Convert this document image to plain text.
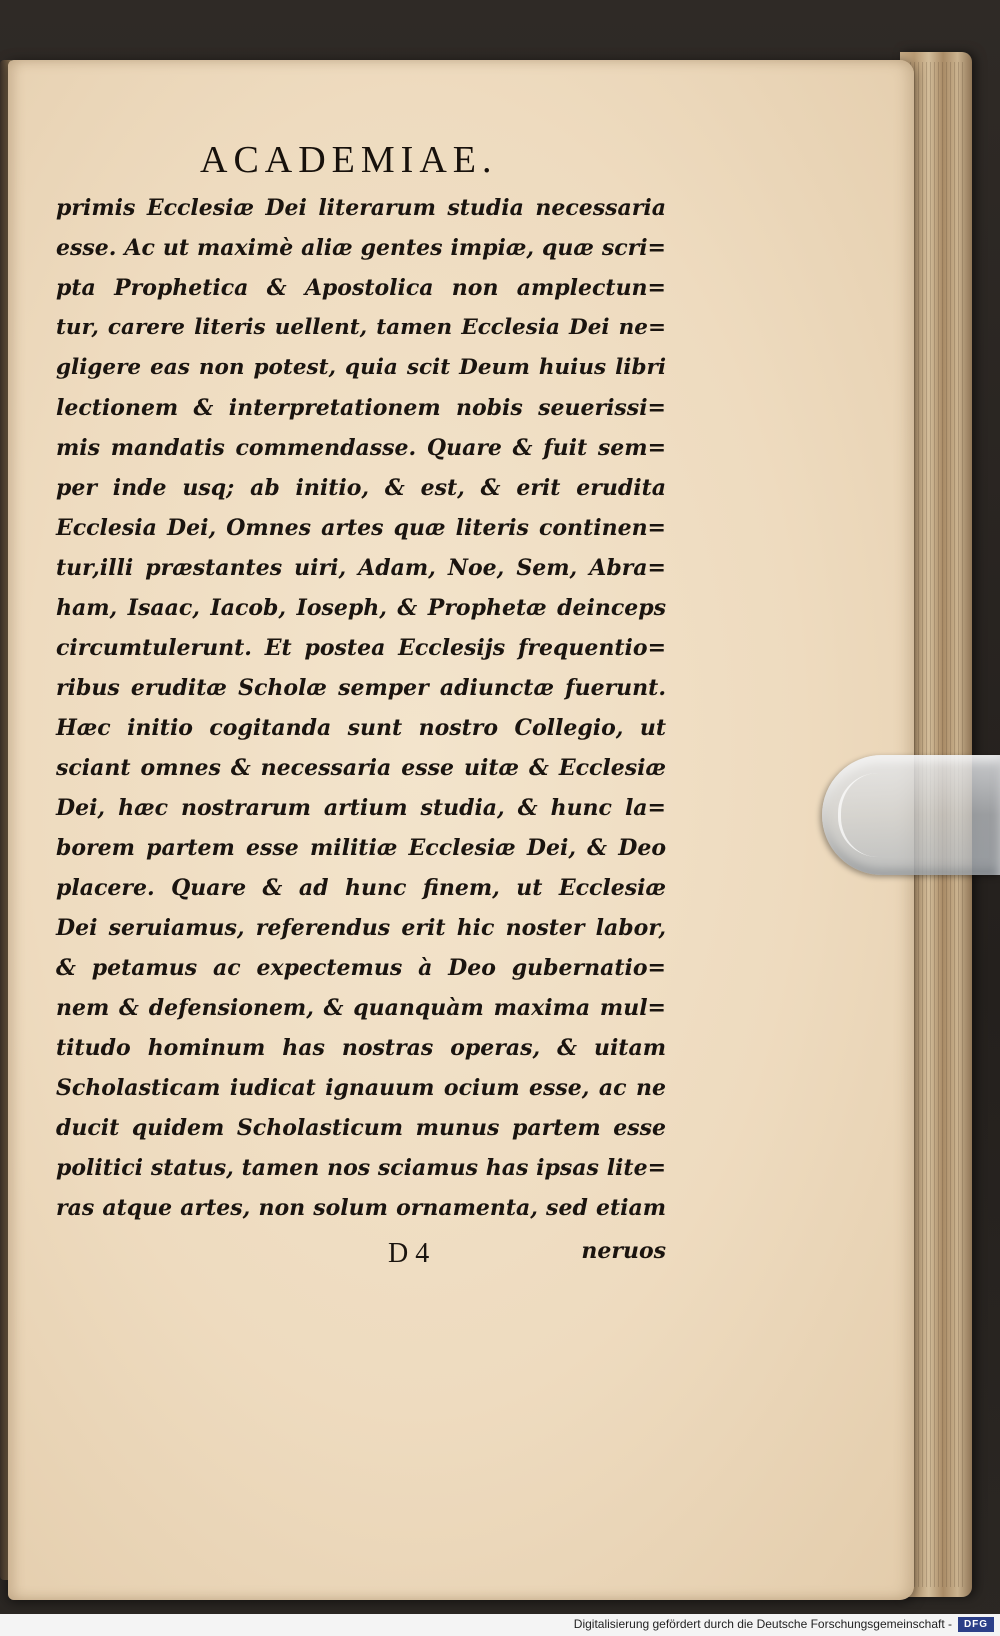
ACADEMIAE.
primis Ecclesiæ Dei literarum studia necessaria
esse. Ac ut maximè aliæ gentes impiæ, quæ scri=
pta Prophetica & Apostolica non amplectun=
tur, carere literis uellent, tamen Ecclesia Dei ne=
gligere eas non potest, quia scit Deum huius libri
lectionem & interpretationem nobis seuerissi=
mis mandatis commendasse. Quare & fuit sem=
per inde usq; ab initio, & est, & erit erudita
Ecclesia Dei, Omnes artes quæ literis continen=
tur,illi præstantes uiri, Adam, Noe, Sem, Abra=
ham, Isaac, Iacob, Ioseph, & Prophetæ deinceps
circumtulerunt. Et postea Ecclesijs frequentio=
ribus eruditæ Scholæ semper adiunctæ fuerunt.
Hæc initio cogitanda sunt nostro Collegio, ut
sciant omnes & necessaria esse uitæ & Ecclesiæ
Dei, hæc nostrarum artium studia, & hunc la=
borem partem esse militiæ Ecclesiæ Dei, & Deo
placere. Quare & ad hunc finem, ut Ecclesiæ
Dei seruiamus, referendus erit hic noster labor,
& petamus ac expectemus à Deo gubernatio=
nem & defensionem, & quanquàm maxima mul=
titudo hominum has nostras operas, & uitam
Scholasticam iudicat ignauum ocium esse, ac ne
ducit quidem Scholasticum munus partem esse
politici status, tamen nos sciamus has ipsas lite=
ras atque artes, non solum ornamenta, sed etiam
D 4	neruos
Digitalisierung gefördert durch die Deutsche Forschungsgemeinschaft -	DFG
